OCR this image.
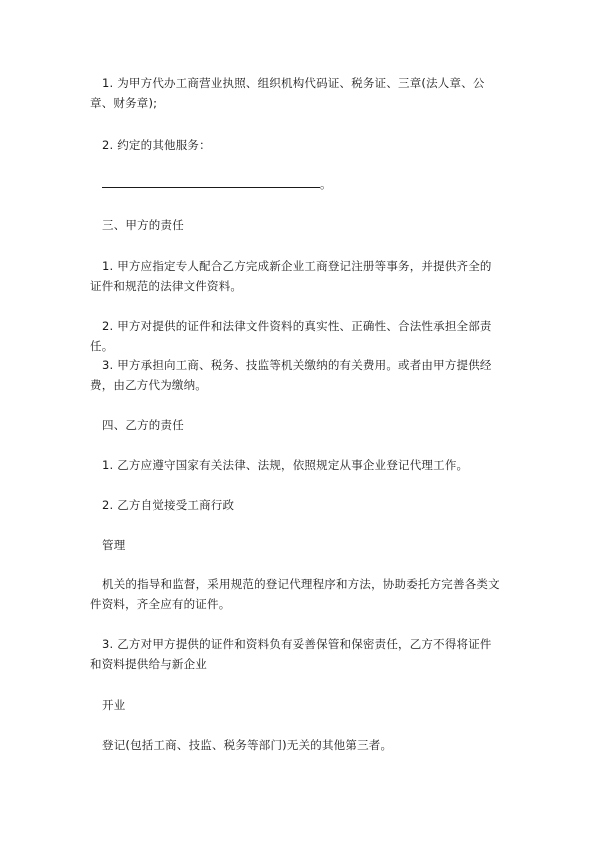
1. 为甲方代办工商营业执照、组织机构代码证、税务证、三章(法人章、公章、财务章);

2. 约定的其他服务：

。

三、甲方的责任

1. 甲方应指定专人配合乙方完成新企业工商登记注册等事务，并提供齐全的证件和规范的法律文件资料。

2. 甲方对提供的证件和法律文件资料的真实性、正确性、合法性承担全部责任。

3. 甲方承担向工商、税务、技监等机关缴纳的有关费用。或者由甲方提供经费，由乙方代为缴纳。

四、乙方的责任

1. 乙方应遵守国家有关法律、法规，依照规定从事企业登记代理工作。

2. 乙方自觉接受工商行政

管理

机关的指导和监督，采用规范的登记代理程序和方法，协助委托方完善各类文件资料，齐全应有的证件。

3. 乙方对甲方提供的证件和资料负有妥善保管和保密责任，乙方不得将证件和资料提供给与新企业

开业

登记(包括工商、技监、税务等部门)无关的其他第三者。
